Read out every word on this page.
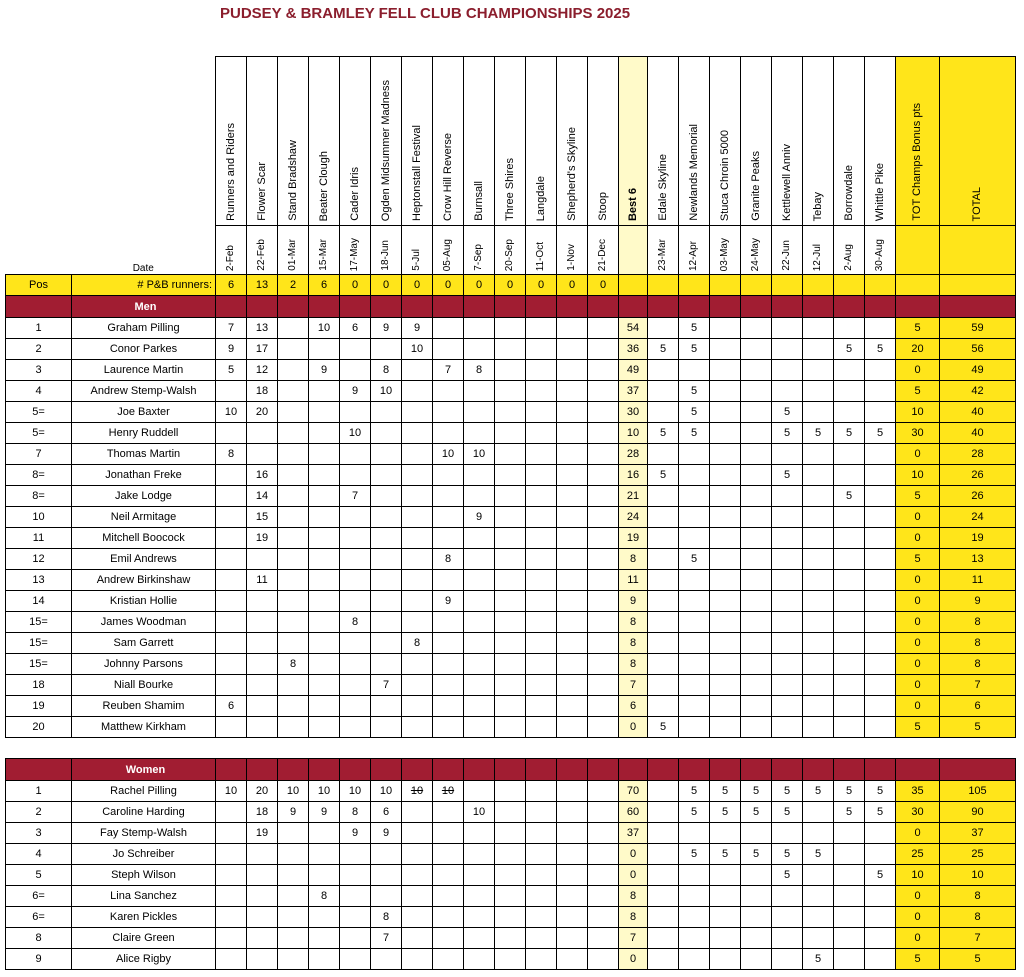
PUDSEY & BRAMLEY FELL CLUB CHAMPIONSHIPS 2025

		Runners and Riders	Flower Scar	Stand Bradshaw	Beater Clough	Cader Idris	Ogden Midsummer Madness	Heptonstall Festival	Crow Hill Reverse	Burnsall	Three Shires	Langdale	Shepherd's Skyline	Stoop	Best 6	Edale Skyline	Newlands Memorial	Stuca Chroin 5000	Granite Peaks	Kettlewell Anniv	Tebay	Borrowdale	Whittle Pike	TOT Champs Bonus pts	TOTAL

	Date	2-Feb	22-Feb	01-Mar	15-Mar	17-May	18-Jun	5-Jul	05-Aug	7-Sep	20-Sep	11-Oct	1-Nov	21-Dec		23-Mar	12-Apr	03-May	24-May	22-Jun	12-Jul	2-Aug	30-Aug		

Pos	# P&B runners:	6	13	2	6	0	0	0	0	0	0	0	0	0											
	Men																								
1	Graham Pilling	7	13		10	6	9	9							54		5							5	59
2	Conor Parkes	9	17					10							36	5	5					5	5	20	56
3	Laurence Martin	5	12		9		8		7	8					49									0	49
4	Andrew Stemp-Walsh		18			9	10								37		5							5	42
5=	Joe Baxter	10	20												30		5			5				10	40
5=	Henry Ruddell					10									10	5	5			5	5	5	5	30	40
7	Thomas Martin	8							10	10					28									0	28
8=	Jonathan Freke		16												16	5				5				10	26
8=	Jake Lodge		14			7									21							5		5	26
10	Neil Armitage		15							9					24									0	24
11	Mitchell Boocock		19												19									0	19
12	Emil Andrews								8						8		5							5	13
13	Andrew Birkinshaw		11												11									0	11
14	Kristian Hollie								9						9									0	9
15=	James Woodman					8									8									0	8
15=	Sam Garrett							8							8									0	8
15=	Johnny Parsons			8											8									0	8
18	Niall Bourke						7								7									0	7
19	Reuben Shamim	6													6									0	6
20	Matthew Kirkham														0	5								5	5

	Women																								
1	Rachel Pilling	10	20	10	10	10	10	10	10						70		5	5	5	5	5	5	5	35	105
2	Caroline Harding		18	9	9	8	6			10					60		5	5	5	5		5	5	30	90
3	Fay Stemp-Walsh		19			9	9								37									0	37
4	Jo Schreiber														0		5	5	5	5	5			25	25
5	Steph Wilson														0					5			5	10	10
6=	Lina Sanchez				8										8									0	8
6=	Karen Pickles						8								8									0	8
8	Claire Green						7								7									0	7
9	Alice Rigby														0						5			5	5
